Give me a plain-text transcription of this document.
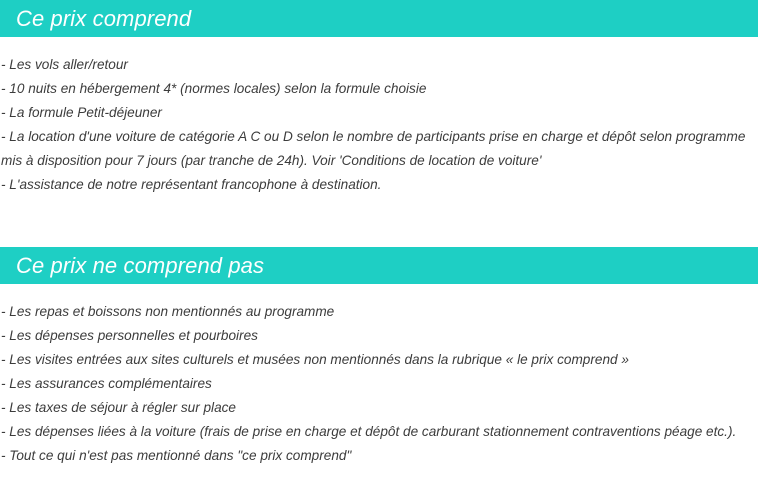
Ce prix comprend
- Les vols aller/retour
- 10 nuits en hébergement 4* (normes locales) selon la formule choisie
- La formule Petit-déjeuner
- La location d'une voiture de catégorie A C ou D selon le nombre de participants prise en charge et dépôt selon programme mis à disposition pour 7 jours (par tranche de 24h). Voir 'Conditions de location de voiture'
- L'assistance de notre représentant francophone à destination.
Ce prix ne comprend pas
- Les repas et boissons non mentionnés au programme
- Les dépenses personnelles et pourboires
- Les visites entrées aux sites culturels et musées non mentionnés dans la rubrique « le prix comprend »
- Les assurances complémentaires
- Les taxes de séjour à régler sur place
- Les dépenses liées à la voiture (frais de prise en charge et dépôt de carburant stationnement contraventions péage etc.).
- Tout ce qui n'est pas mentionné dans "ce prix comprend"
